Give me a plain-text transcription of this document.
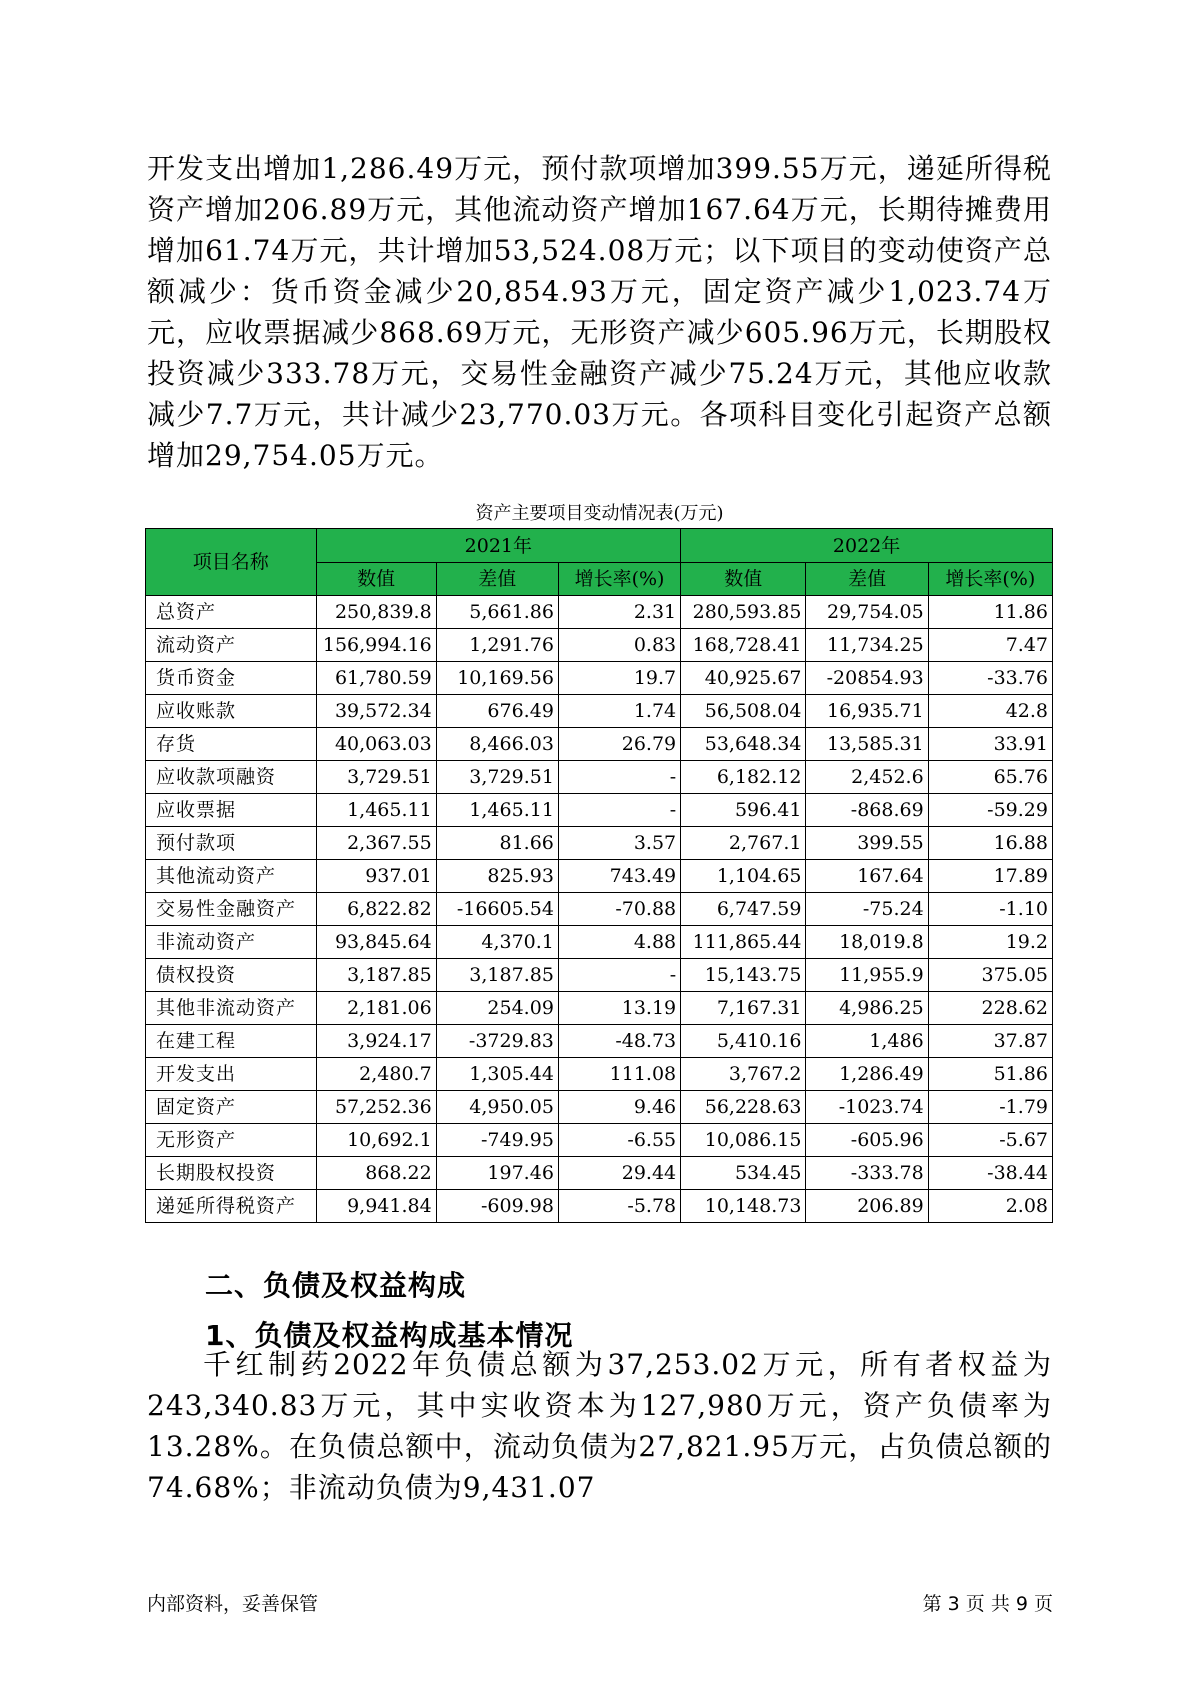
开发支出增加1,286.49万元，预付款项增加399.55万元，递延所得税资产增加206.89万元，其他流动资产增加167.64万元，长期待摊费用增加61.74万元，共计增加53,524.08万元；以下项目的变动使资产总额减少：货币资金减少20,854.93万元，固定资产减少1,023.74万元，应收票据减少868.69万元，无形资产减少605.96万元，长期股权投资减少333.78万元，交易性金融资产减少75.24万元，其他应收款减少7.7万元，共计减少23,770.03万元。各项科目变化引起资产总额增加29,754.05万元。

资产主要项目变动情况表(万元)
项目名称	2021年			2022年		
	数值	差值	增长率(%)	数值	差值	增长率(%)
总资产	250,839.8	5,661.86	2.31	280,593.85	29,754.05	11.86
流动资产	156,994.16	1,291.76	0.83	168,728.41	11,734.25	7.47
货币资金	61,780.59	10,169.56	19.7	40,925.67	-20854.93	-33.76
应收账款	39,572.34	676.49	1.74	56,508.04	16,935.71	42.8
存货	40,063.03	8,466.03	26.79	53,648.34	13,585.31	33.91
应收款项融资	3,729.51	3,729.51	-	6,182.12	2,452.6	65.76
应收票据	1,465.11	1,465.11	-	596.41	-868.69	-59.29
预付款项	2,367.55	81.66	3.57	2,767.1	399.55	16.88
其他流动资产	937.01	825.93	743.49	1,104.65	167.64	17.89
交易性金融资产	6,822.82	-16605.54	-70.88	6,747.59	-75.24	-1.10
非流动资产	93,845.64	4,370.1	4.88	111,865.44	18,019.8	19.2
债权投资	3,187.85	3,187.85	-	15,143.75	11,955.9	375.05
其他非流动资产	2,181.06	254.09	13.19	7,167.31	4,986.25	228.62
在建工程	3,924.17	-3729.83	-48.73	5,410.16	1,486	37.87
开发支出	2,480.7	1,305.44	111.08	3,767.2	1,286.49	51.86
固定资产	57,252.36	4,950.05	9.46	56,228.63	-1023.74	-1.79
无形资产	10,692.1	-749.95	-6.55	10,086.15	-605.96	-5.67
长期股权投资	868.22	197.46	29.44	534.45	-333.78	-38.44
递延所得税资产	9,941.84	-609.98	-5.78	10,148.73	206.89	2.08
二、负债及权益构成
1、负债及权益构成基本情况

千红制药2022年负债总额为37,253.02万元，所有者权益为243,340.83万元，其中实收资本为127,980万元，资产负债率为13.28%。在负债总额中，流动负债为27,821.95万元，占负债总额的74.68%；非流动负债为9,431.07

内部资料，妥善保管	第 3 页 共 9 页
